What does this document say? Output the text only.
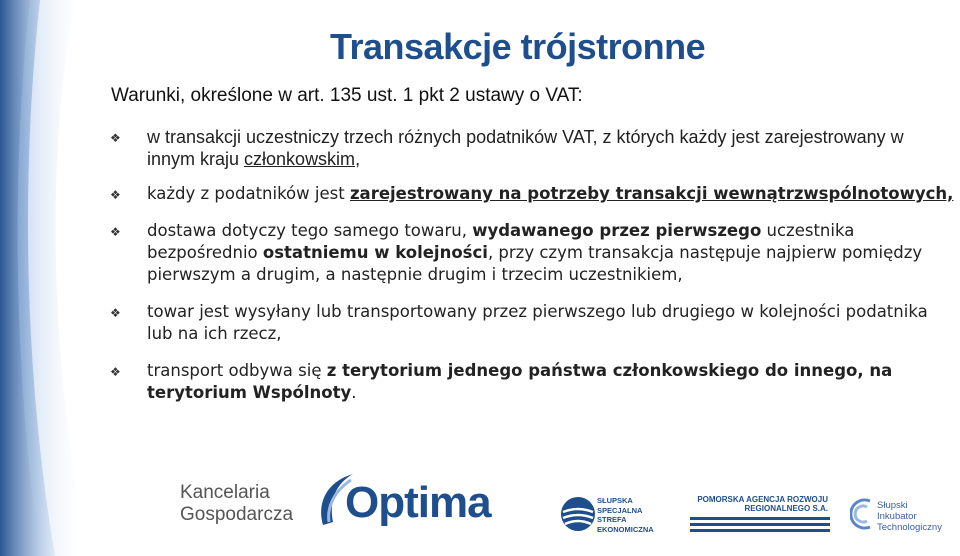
Transakcje trójstronne
Warunki, określone w art. 135 ust. 1 pkt 2 ustawy o VAT:
❖ w transakcji uczestniczy trzech różnych podatników VAT, z których każdy jest zarejestrowany w innym kraju członkowskim,
❖ każdy z podatników jest zarejestrowany na potrzeby transakcji wewnątrzwspólnotowych,
❖ dostawa dotyczy tego samego towaru, wydawanego przez pierwszego uczestnika bezpośrednio ostatniemu w kolejności, przy czym transakcja następuje najpierw pomiędzy pierwszym a drugim, a następnie drugim i trzecim uczestnikiem,
❖ towar jest wysyłany lub transportowany przez pierwszego lub drugiego w kolejności podatnika lub na ich rzecz,
❖ transport odbywa się z terytorium jednego państwa członkowskiego do innego, na terytorium Wspólnoty.
Kancelaria
Gospodarcza Optima	SŁUPSKA
SPECJALNA
STREFA
EKONOMICZNA
POMORSKA AGENCJA ROZWOJU
REGIONALNEGO S.A.	Słupski
Inkubator
Technologiczny
